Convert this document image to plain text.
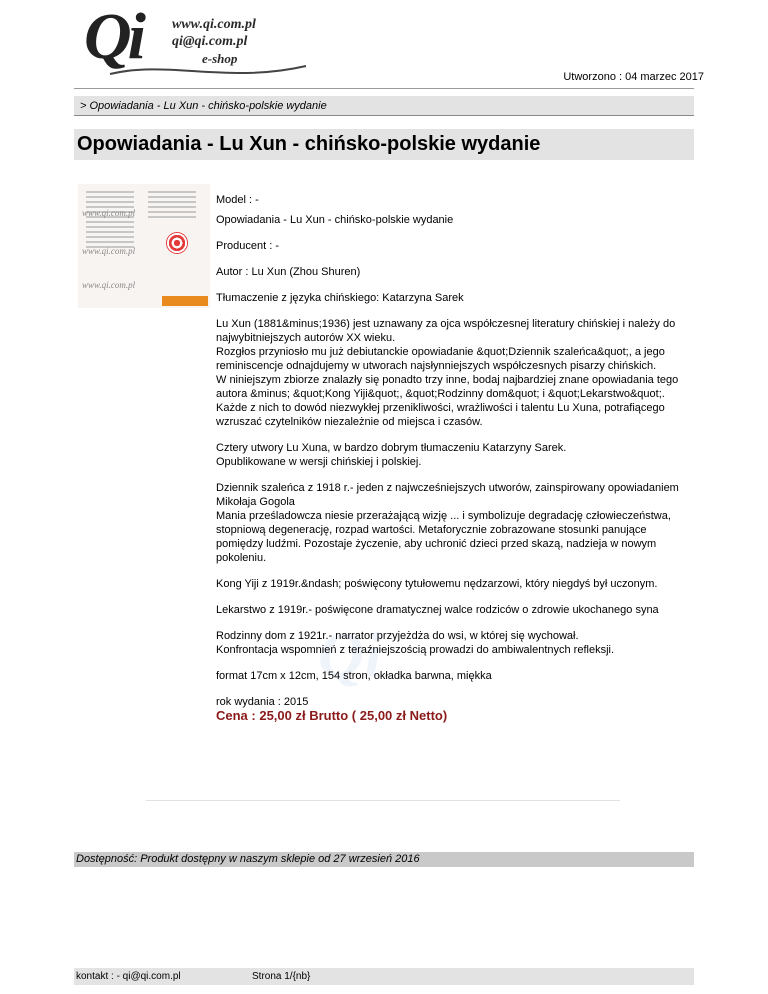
Qi www.qi.com.pl
qi@qi.com.pl
e-shop
Utworzono : 04 marzec 2017
> Opowiadania - Lu Xun - chińsko-polskie wydanie
Opowiadania - Lu Xun - chińsko-polskie wydanie
www.qi.com.pl
www.qi.com.pl
www.qi.com.pl
Qi

Model : -

Opowiadania - Lu Xun - chińsko-polskie wydanie

Producent : -

Autor : Lu Xun (Zhou Shuren)

Tłumaczenie z języka chińskiego: Katarzyna Sarek

Lu Xun (1881&minus;1936) jest uznawany za ojca współczesnej literatury chińskiej i należy do najwybitniejszych autorów XX wieku.
Rozgłos przyniosło mu już debiutanckie opowiadanie &quot;Dziennik szaleńca&quot;, a jego reminiscencje odnajdujemy w utworach najsłynniejszych współczesnych pisarzy chińskich.
W niniejszym zbiorze znalazły się ponadto trzy inne, bodaj najbardziej znane opowiadania tego autora &minus; &quot;Kong Yiji&quot;, &quot;Rodzinny dom&quot; i &quot;Lekarstwo&quot;. Każde z nich to dowód niezwykłej przenikliwości, wrażliwości i talentu Lu Xuna, potrafiącego wzruszać czytelników niezależnie od miejsca i czasów.

Cztery utwory Lu Xuna, w bardzo dobrym tłumaczeniu Katarzyny Sarek.
Opublikowane w wersji chińskiej i polskiej.

Dziennik szaleńca z 1918 r.- jeden z najwcześniejszych utworów, zainspirowany opowiadaniem Mikołaja Gogola
Mania prześladowcza niesie przerażającą wizję ... i symbolizuje degradację człowieczeństwa, stopniową degenerację, rozpad wartości. Metaforycznie zobrazowane stosunki panujące pomiędzy ludźmi. Pozostaje życzenie, aby uchronić dzieci przed skazą, nadzieja w nowym pokoleniu.

Kong Yiji z 1919r.&ndash; poświęcony tytułowemu nędzarzowi, który niegdyś był uczonym.

Lekarstwo z 1919r.- poświęcone dramatycznej walce rodziców o zdrowie ukochanego syna

Rodzinny dom z 1921r.- narrator przyjeżdża do wsi, w której się wychował.
Konfrontacja wspomnień z teraźniejszością prowadzi do ambiwalentnych refleksji.

format 17cm x 12cm, 154 stron, okładka barwna, miękka

rok wydania : 2015

Cena : 25,00 zł Brutto ( 25,00 zł Netto)

Dostępność: Produkt dostępny w naszym sklepie od 27 wrzesień 2016
kontakt : - qi@qi.com.pl	Strona 1/{nb}
